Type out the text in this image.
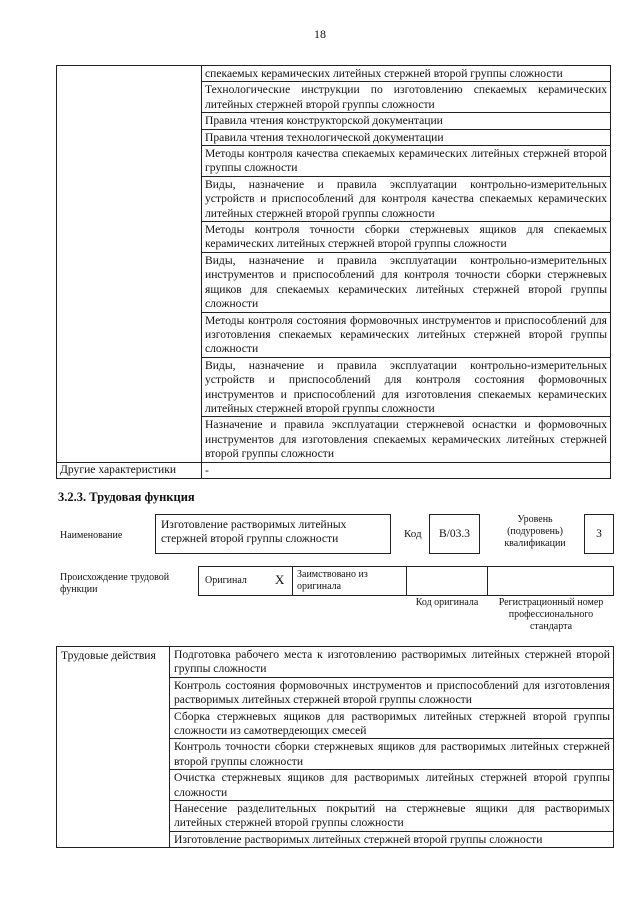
18
	спекаемых керамических литейных стержней второй группы сложности
	Технологические инструкции по изготовлению спекаемых керамических литейных стержней второй группы сложности
	Правила чтения конструкторской документации
	Правила чтения технологической документации
	Методы контроля качества спекаемых керамических литейных стержней второй группы сложности
	Виды, назначение и правила эксплуатации контрольно-измерительных устройств и приспособлений для контроля качества спекаемых керамических литейных стержней второй группы сложности
	Методы контроля точности сборки стержневых ящиков для спекаемых керамических литейных стержней второй группы сложности
	Виды, назначение и правила эксплуатации контрольно-измерительных инструментов и приспособлений для контроля точности сборки стержневых ящиков для спекаемых керамических литейных стержней второй группы сложности
	Методы контроля состояния формовочных инструментов и приспособлений для изготовления спекаемых керамических литейных стержней второй группы сложности
	Виды, назначение и правила эксплуатации контрольно-измерительных устройств и приспособлений для контроля состояния формовочных инструментов и приспособлений для изготовления спекаемых керамических литейных стержней второй группы сложности
	Назначение и правила эксплуатации стержневой оснастки и формовочных инструментов для изготовления спекаемых керамических литейных стержней второй группы сложности
Другие характеристики	-
3.2.3. Трудовая функция
Наименование
Изготовление растворимых литейных стержней второй группы сложности	Код	B/03.3
Уровень (подуровень) квалификации
3
Происхождение трудовой функции
Оригинал X Заимствовано из оригинала
Код оригинала	Регистрационный номер профессионального стандарта
Трудовые действия	Подготовка рабочего места к изготовлению растворимых литейных стержней второй группы сложности
Контроль состояния формовочных инструментов и приспособлений для изготовления растворимых литейных стержней второй группы сложности
Сборка стержневых ящиков для растворимых литейных стержней второй группы сложности из самотвердеющих смесей
Контроль точности сборки стержневых ящиков для растворимых литейных стержней второй группы сложности
Очистка стержневых ящиков для растворимых литейных стержней второй группы сложности
Нанесение разделительных покрытий на стержневые ящики для растворимых литейных стержней второй группы сложности
Изготовление растворимых литейных стержней второй группы сложности
